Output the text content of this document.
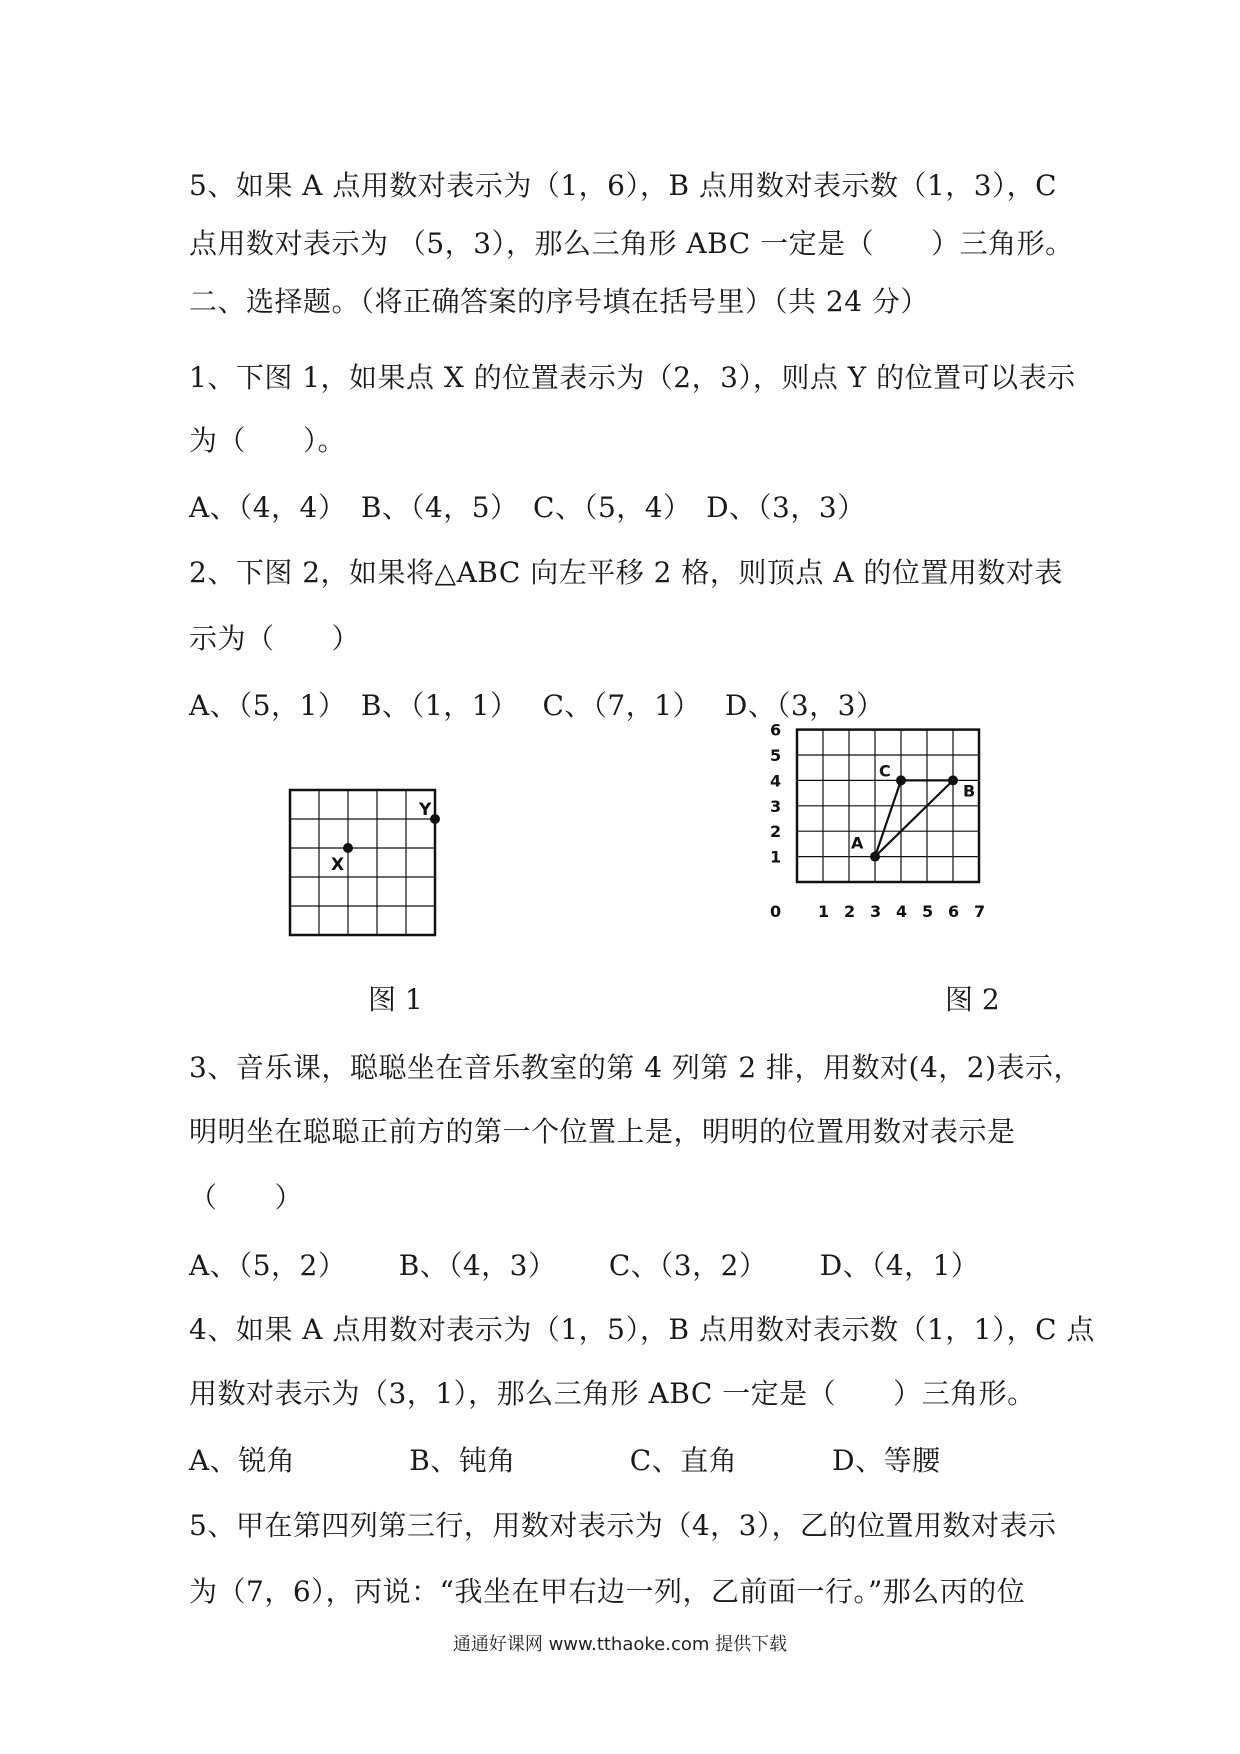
5、如果 A 点用数对表示为（1，6），B 点用数对表示数（1，3），C
点用数对表示为 （5，3），那么三角形 ABC 一定是（　　）三角形。
二、选择题。（将正确答案的序号填在括号里）（共 24 分）
1、下图 1，如果点 X 的位置表示为（2，3），则点 Y 的位置可以表示
为（　　）。
A、（4，4）　B、（4，5）　C、（5，4）　D、（3，3）
2、下图 2，如果将△ABC 向左平移 2 格，则顶点 A 的位置用数对表
示为（　　）
A、（5，1）　B、（1，1）　 C、（7，1）　 D、（3，3）
X
Y
图 1
1
2
3
4
5
6
0 1 2 3 4 5 6 7
A
B
C
图 2
3、音乐课，聪聪坐在音乐教室的第 4 列第 2 排，用数对(4，2)表示，
明明坐在聪聪正前方的第一个位置上是，明明的位置用数对表示是
（　　）
A、（5，2）　　 B、（4，3）　　 C、（3，2）　　 D、（4，1）
4、如果 A 点用数对表示为（1，5），B 点用数对表示数（1，1），C 点
用数对表示为（3，1），那么三角形 ABC 一定是（　　）三角形。
A、锐角　　　　B、钝角　　　　C、直角　　　 D、等腰
5、甲在第四列第三行，用数对表示为（4，3），乙的位置用数对表示
为（7，6），丙说：“我坐在甲右边一列，乙前面一行。”那么丙的位
通通好课网 www.tthaoke.com 提供下载
